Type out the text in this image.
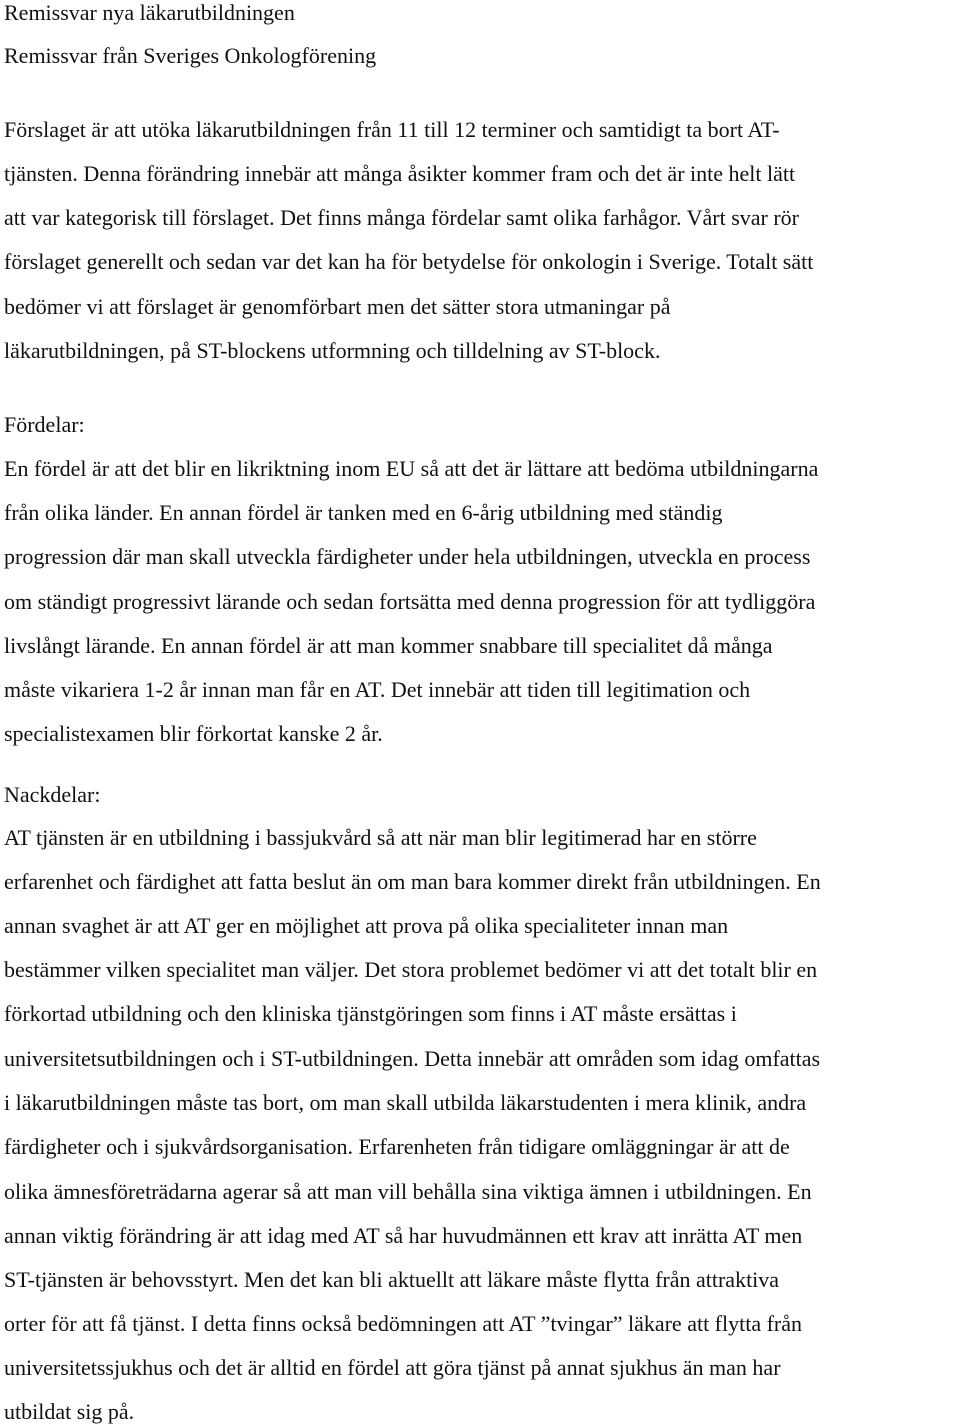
Remissvar nya läkarutbildningen

Remissvar från Sveriges Onkologförening

Förslaget är att utöka läkarutbildningen från 11 till 12 terminer och samtidigt ta bort AT-

tjänsten. Denna förändring innebär att många åsikter kommer fram och det är inte helt lätt

att var kategorisk till förslaget. Det finns många fördelar samt olika farhågor. Vårt svar rör

förslaget generellt och sedan var det kan ha för betydelse för onkologin i Sverige. Totalt sätt

bedömer vi att förslaget är genomförbart men det sätter stora utmaningar på

läkarutbildningen, på ST-blockens utformning och tilldelning av ST-block.

Fördelar:

En fördel är att det blir en likriktning inom EU så att det är lättare att bedöma utbildningarna

från olika länder. En annan fördel är tanken med en 6-årig utbildning med ständig

progression där man skall utveckla färdigheter under hela utbildningen, utveckla en process

om ständigt progressivt lärande och sedan fortsätta med denna progression för att tydliggöra

livslångt lärande. En annan fördel är att man kommer snabbare till specialitet då många

måste vikariera 1-2 år innan man får en AT. Det innebär att tiden till legitimation och

specialistexamen blir förkortat kanske 2 år.

Nackdelar:

AT tjänsten är en utbildning i bassjukvård så att när man blir legitimerad har en större

erfarenhet och färdighet att fatta beslut än om man bara kommer direkt från utbildningen. En

annan svaghet är att AT ger en möjlighet att prova på olika specialiteter innan man

bestämmer vilken specialitet man väljer. Det stora problemet bedömer vi att det totalt blir en

förkortad utbildning och den kliniska tjänstgöringen som finns i AT måste ersättas i

universitetsutbildningen och i ST-utbildningen. Detta innebär att områden som idag omfattas

i läkarutbildningen måste tas bort, om man skall utbilda läkarstudenten i mera klinik, andra

färdigheter och i sjukvårdsorganisation. Erfarenheten från tidigare omläggningar är att de

olika ämnesföreträdarna agerar så att man vill behålla sina viktiga ämnen i utbildningen. En

annan viktig förändring är att idag med AT så har huvudmännen ett krav att inrätta AT men

ST-tjänsten är behovsstyrt. Men det kan bli aktuellt att läkare måste flytta från attraktiva

orter för att få tjänst. I detta finns också bedömningen att AT ”tvingar” läkare att flytta från

universitetssjukhus och det är alltid en fördel att göra tjänst på annat sjukhus än man har

utbildat sig på.
